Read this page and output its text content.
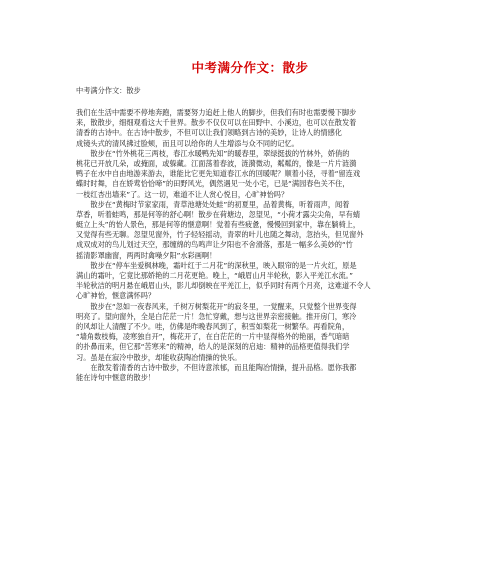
中考满分作文：散步
中考满分作文：散步
我们在生活中需要不停地奔跑，需要努力追赶上他人的脚步，但我们有时也需要慢下脚步
来，散散步，细细观看这大千世界。散步不仅仅可以在田野中、小溪边，也可以在散发着
清香的古诗中。在古诗中散步，不但可以让我们领略到古诗的美妙，让诗人的情感化
成镜头式的清风拂过脸颊，而且可以给你的人生增添与众不同的记忆。
　　散步在“竹外桃花三两枝，春江水暖鸭先知”的暖春里，翠绿挺拔的竹林外，娇俏的
桃花已开放几朵，或掩面，或躲藏。江面荡着春波，涟漪微动，粼粼的，像是一片片涟漪
鸭子在水中自由地游来游去，谁能比它更先知道春江水的回暖呢？顺着小径，寻着“留连戏
蝶时时舞，自在娇莺恰恰啼”的田野风光，偶然遇见一处小宅，已是“满园春色关不住，
一枝红杏出墙来”了。这一切，难道不让人赏心悦目，心旷神怡吗？
　　散步在“黄梅时节家家雨，青草池塘处处蛙”的初夏里，品着黄梅，听着雨声，闻着
草香，听着蛙鸣，那是何等的舒心啊！散步在荷塘边，忽望见，“小荷才露尖尖角，早有蜻
蜓立上头”的怡人景色，那是何等的惬意啊！觉着有些疲惫，慢慢回到家中，靠在躺椅上，
又觉得有些无聊。忽望见窗外，竹子轻轻摇动，青翠的叶儿也随之舞动，忽抬头，但见窗外
成双成对的鸟儿划过天空，那缠绵的鸟鸣声让夕阳也不舍滑落，那是一幅多么美妙的“竹
摇清影罩幽窗，两两时禽噪夕阳”水彩画啊！
　　散步在“停车坐爱枫林晚，霜叶红于二月花”的深秋里，映入眼帘的是一片火红，原是
满山的霜叶，它竟比那娇艳的二月花更艳。晚上，“峨眉山月半轮秋，影入平羌江水流。”
半轮秋洁的明月悬在峨眉山头，影儿却倒映在平羌江上，似乎同时有两个月亮，这难道不令人
心旷神怡，惬意满怀吗？
　　散步在“忽如一夜春风来，千树万树梨花开”的寂冬里，一觉醒来，只觉整个世界变得
明亮了。望向窗外，全是白茫茫一片！急忙穿戴，想与这世界亲密接触。推开房门，寒冷
的风却让人清醒了不少。哇，仿佛是昨晚春风到了，积雪如梨花一树繁华。再看院角，
“墙角数枝梅，凌寒独自开”，梅花开了，在白茫茫的一片中显得格外的艳丽，香气暗暗
的扑鼻而来，但它那“苦寒来”的精神，给人的是深刻的启迪：精神的品格更值得我们学
习。虽是在寂冷中散步，却能收获陶冶情操的快乐。
　　在散发着清香的古诗中散步，不但诗意浓郁，而且能陶冶情操，提升品格。愿你我都
能在诗句中惬意的散步！
